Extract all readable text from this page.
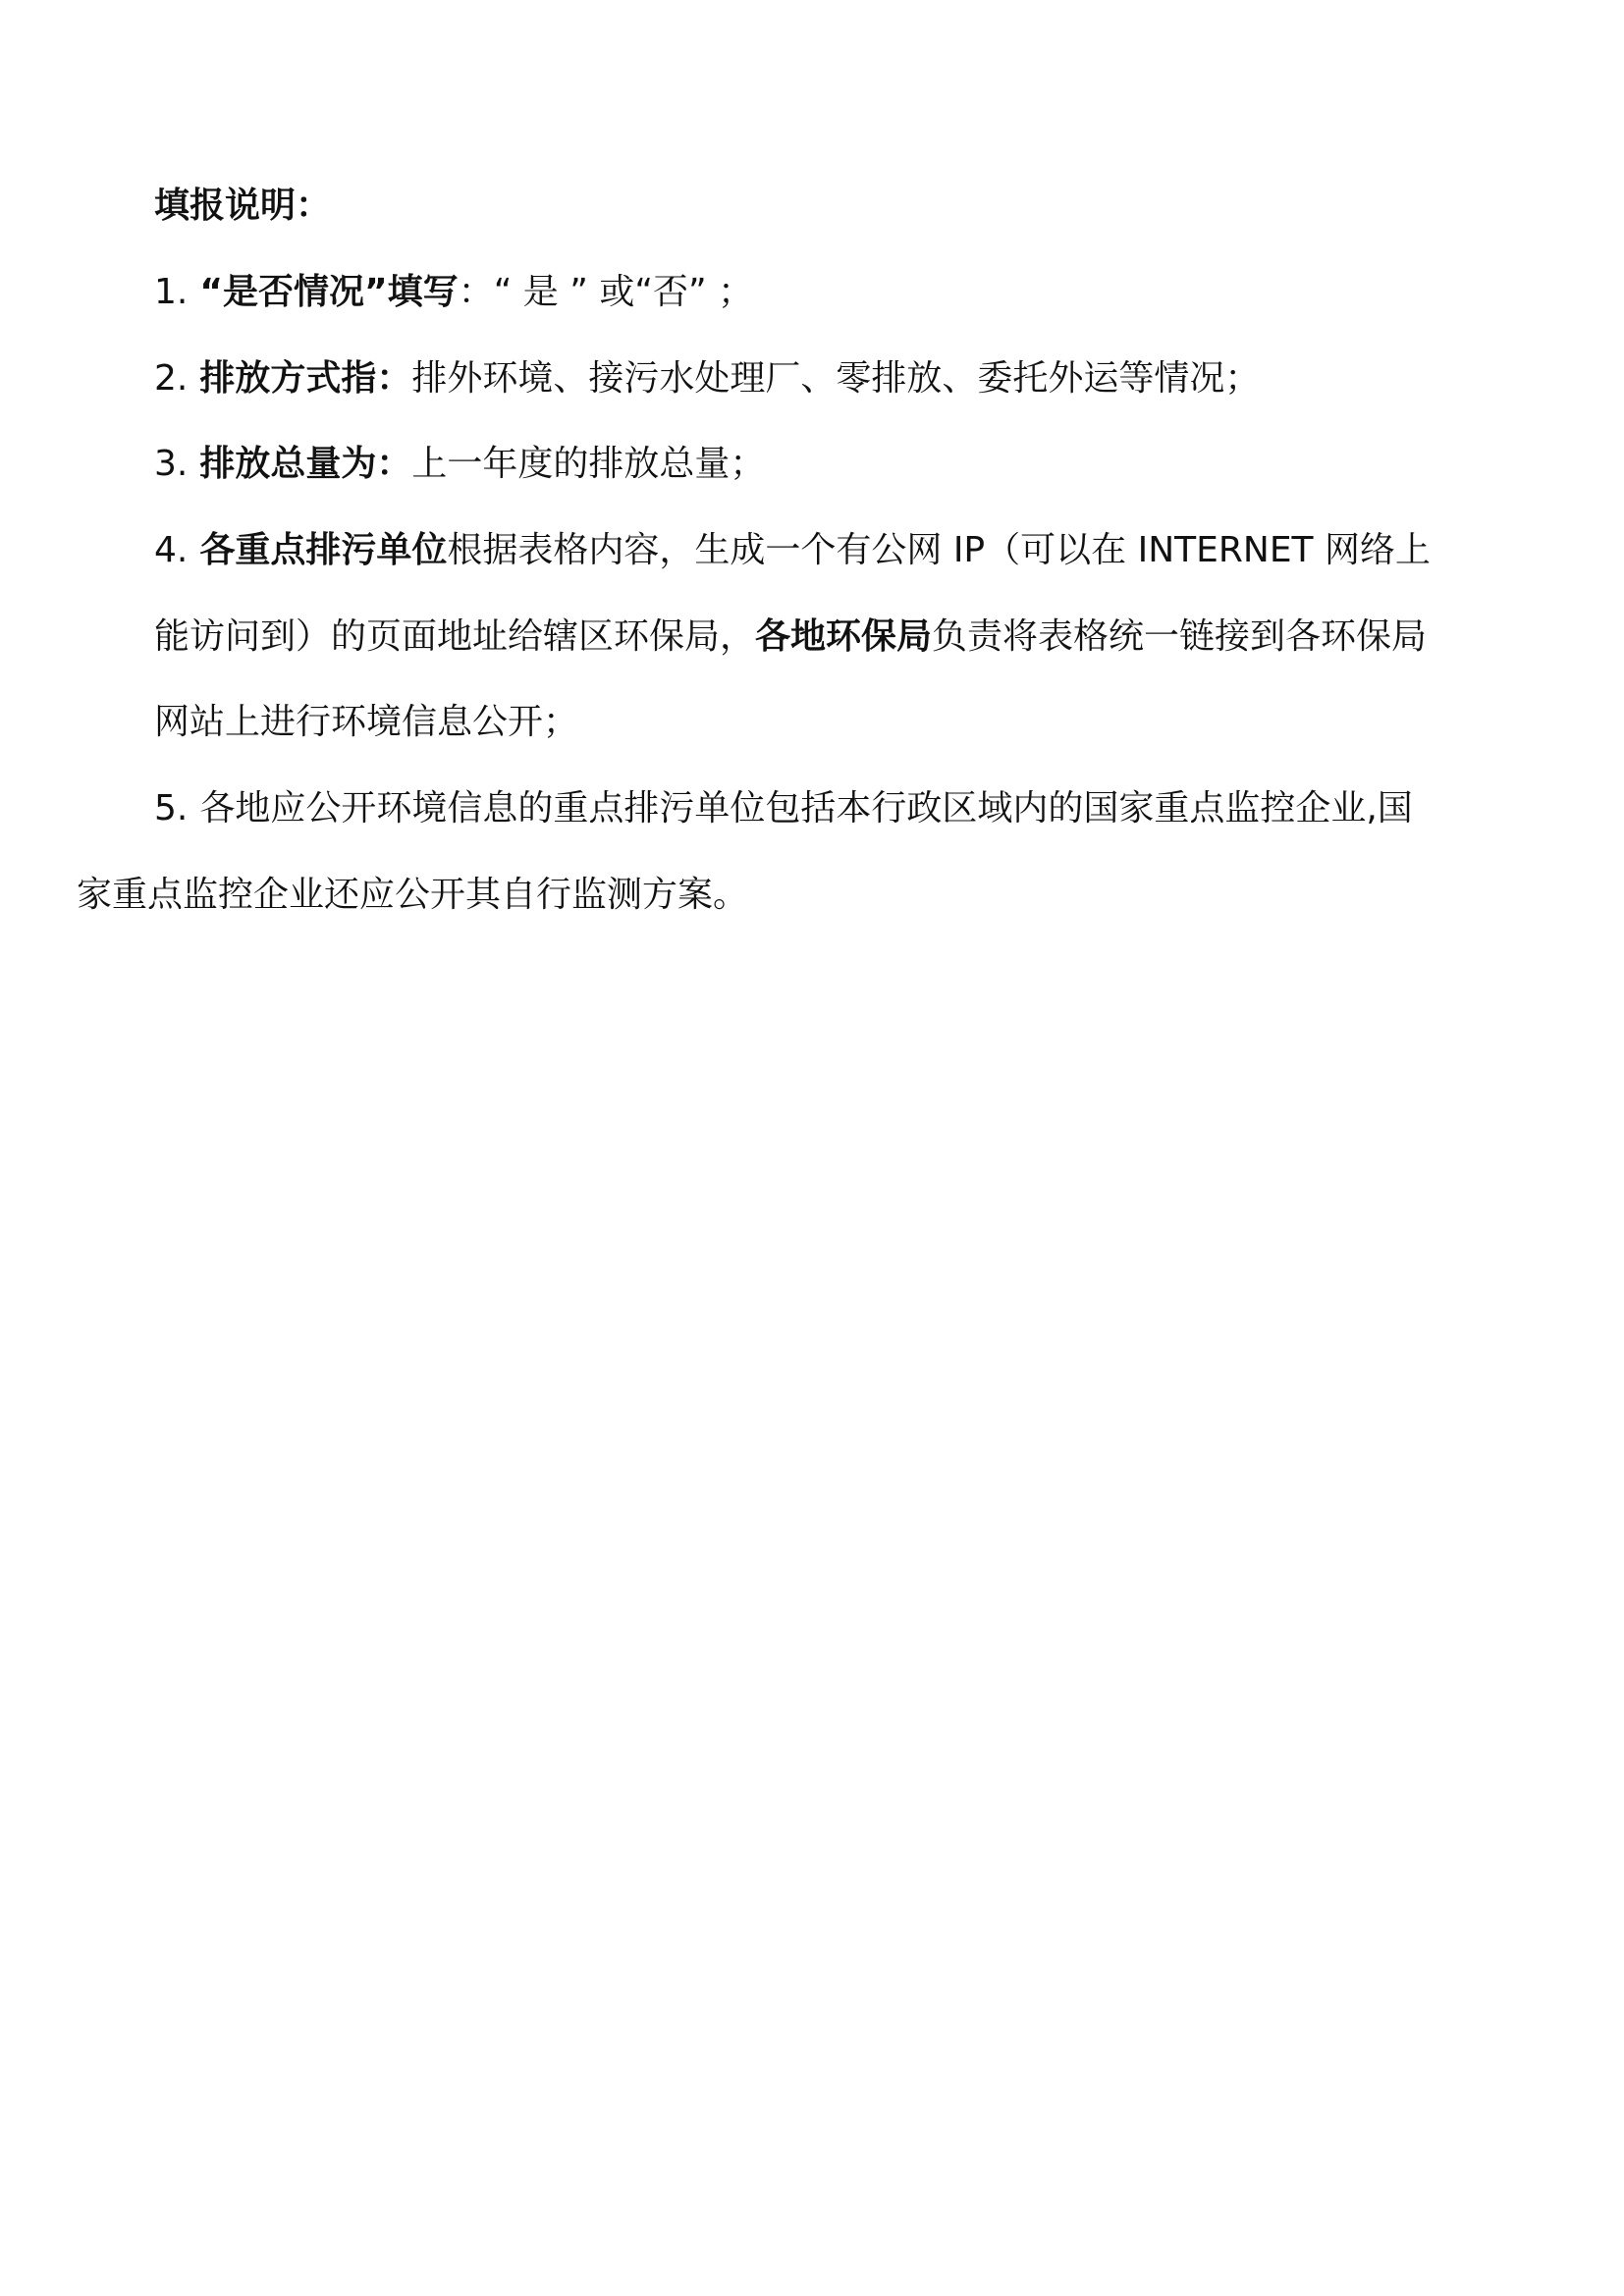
填报说明：
1. “是否情况”填写：“ 是 ” 或“否” ；
2. 排放方式指：排外环境、接污水处理厂、零排放、委托外运等情况；
3. 排放总量为：上一年度的排放总量；
4. 各重点排污单位根据表格内容，生成一个有公网 IP（可以在 INTERNET 网络上
能访问到）的页面地址给辖区环保局，各地环保局负责将表格统一链接到各环保局
网站上进行环境信息公开；
5. 各地应公开环境信息的重点排污单位包括本行政区域内的国家重点监控企业,国
家重点监控企业还应公开其自行监测方案。
